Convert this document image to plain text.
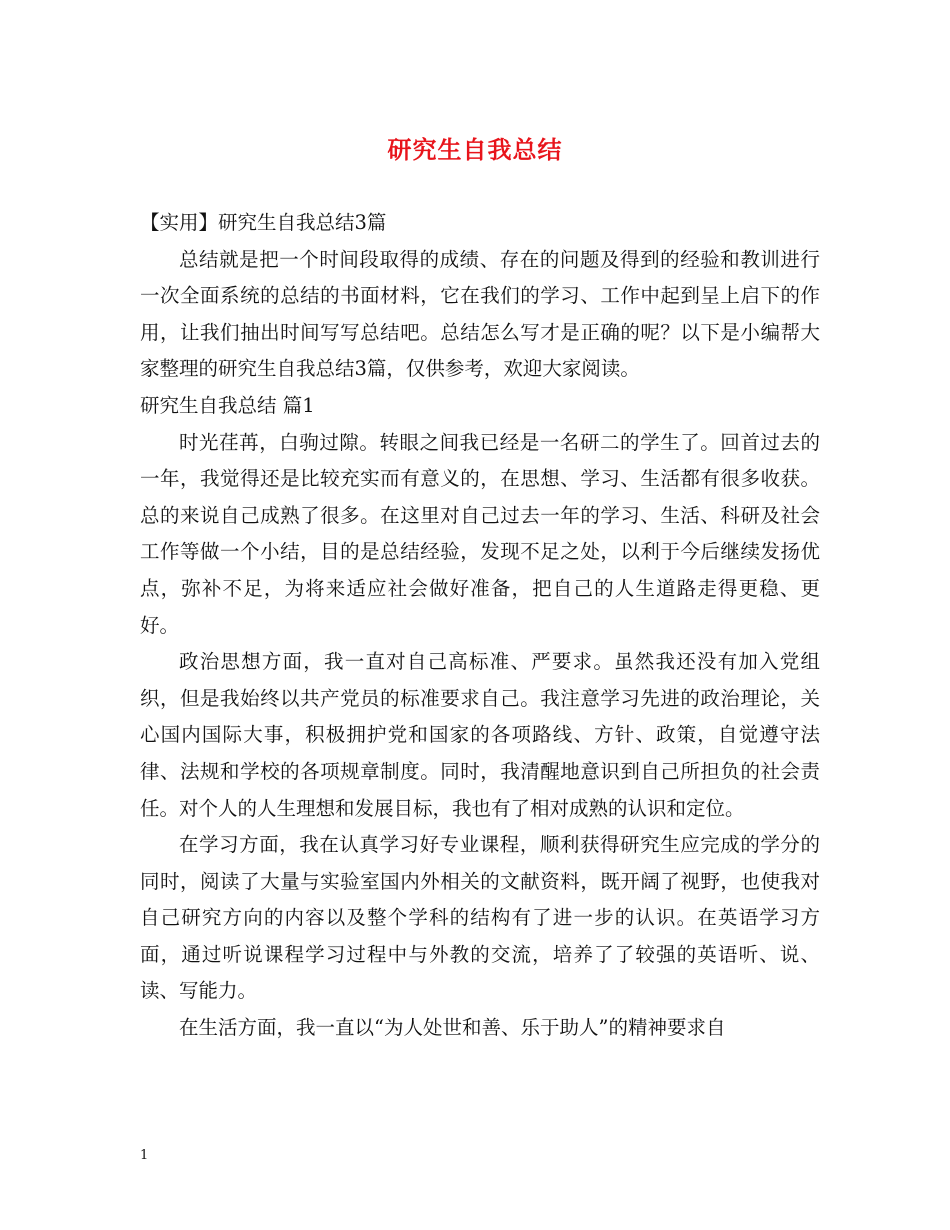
研究生自我总结

【实用】研究生自我总结3篇

总结就是把一个时间段取得的成绩、存在的问题及得到的经验和教训进行一次全面系统的总结的书面材料，它在我们的学习、工作中起到呈上启下的作用，让我们抽出时间写写总结吧。总结怎么写才是正确的呢？以下是小编帮大家整理的研究生自我总结3篇，仅供参考，欢迎大家阅读。

研究生自我总结 篇1

时光荏苒，白驹过隙。转眼之间我已经是一名研二的学生了。回首过去的一年，我觉得还是比较充实而有意义的，在思想、学习、生活都有很多收获。总的来说自己成熟了很多。在这里对自己过去一年的学习、生活、科研及社会工作等做一个小结，目的是总结经验，发现不足之处，以利于今后继续发扬优点，弥补不足，为将来适应社会做好准备，把自己的人生道路走得更稳、更好。

政治思想方面，我一直对自己高标准、严要求。虽然我还没有加入党组织，但是我始终以共产党员的标准要求自己。我注意学习先进的政治理论，关心国内国际大事，积极拥护党和国家的各项路线、方针、政策，自觉遵守法律、法规和学校的各项规章制度。同时，我清醒地意识到自己所担负的社会责任。对个人的人生理想和发展目标，我也有了相对成熟的认识和定位。

在学习方面，我在认真学习好专业课程，顺利获得研究生应完成的学分的同时，阅读了大量与实验室国内外相关的文献资料，既开阔了视野，也使我对自己研究方向的内容以及整个学科的结构有了进一步的认识。在英语学习方面，通过听说课程学习过程中与外教的交流，培养了了较强的英语听、说、读、写能力。

在生活方面，我一直以“为人处世和善、乐于助人”的精神要求自

1
